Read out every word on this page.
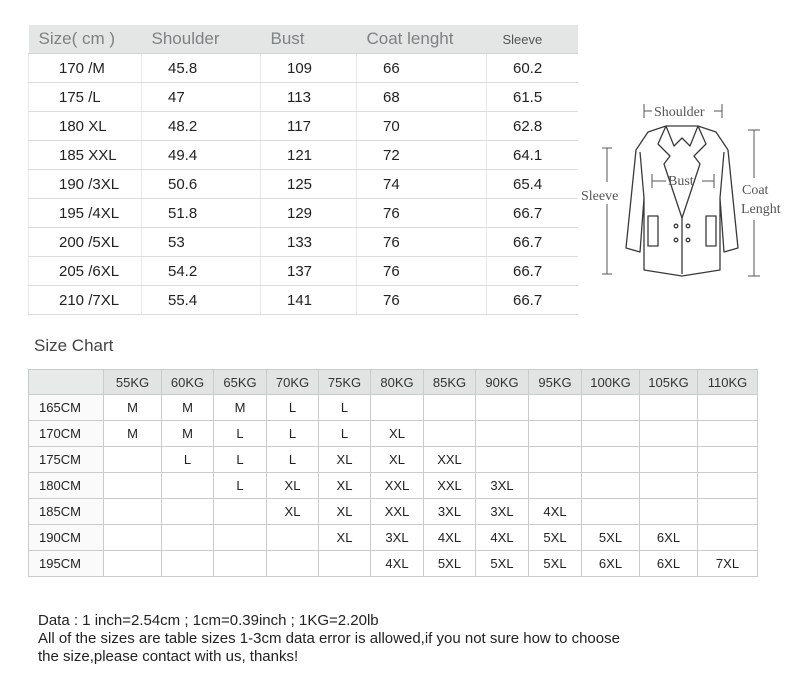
Size( cm )	Shoulder	Bust	Coat lenght	Sleeve
170 /M	45.8	109	66	60.2
175 /L	47	113	68	61.5
180 XL	48.2	117	70	62.8
185 XXL	49.4	121	72	64.1
190 /3XL	50.6	125	74	65.4
195 /4XL	51.8	129	76	66.7
200 /5XL	53	133	76	66.7
205 /6XL	54.2	137	76	66.7
210 /7XL	55.4	141	76	66.7
Shoulder
Bust
Sleeve	Coat
Lenght
Size Chart
	55KG	60KG	65KG	70KG	75KG	80KG	85KG	90KG	95KG	100KG	105KG	110KG
165CM	M	M	M	L	L							
170CM	M	M	L	L	L	XL						
175CM		L	L	L	XL	XL	XXL					
180CM			L	XL	XL	XXL	XXL	3XL				
185CM				XL	XL	XXL	3XL	3XL	4XL			
190CM					XL	3XL	4XL	4XL	5XL	5XL	6XL	
195CM						4XL	5XL	5XL	5XL	6XL	6XL	7XL
Data : 1 inch=2.54cm ; 1cm=0.39inch ; 1KG=2.20lb
All of the sizes are table sizes 1-3cm data error is allowed,if you not sure how to choose
the size,please contact with us, thanks!
